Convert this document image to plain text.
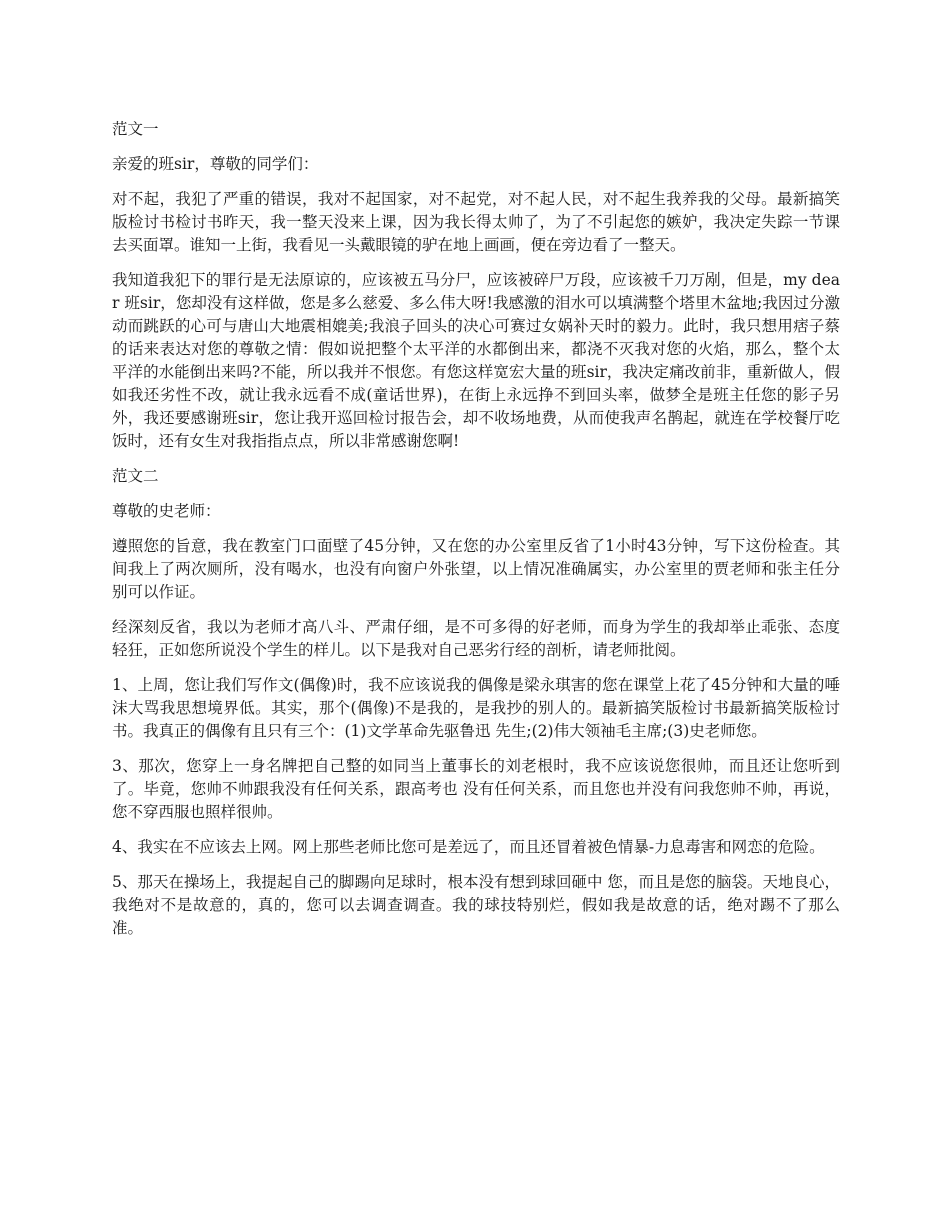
范文一

亲爱的班sir，尊敬的同学们：

对不起，我犯了严重的错误，我对不起国家，对不起党，对不起人民，对不起生我养我的父母。最新搞笑版检讨书检讨书昨天，我一整天没来上课，因为我长得太帅了，为了不引起您的嫉妒，我决定失踪一节课去买面罩。谁知一上街，我看见一头戴眼镜的驴在地上画画，便在旁边看了一整天。

我知道我犯下的罪行是无法原谅的，应该被五马分尸，应该被碎尸万段，应该被千刀万剐，但是，my dear 班sir，您却没有这样做，您是多么慈爱、多么伟大呀!我感激的泪水可以填满整个塔里木盆地;我因过分激动而跳跃的心可与唐山大地震相媲美;我浪子回头的决心可赛过女娲补天时的毅力。此时，我只想用痞子蔡的话来表达对您的尊敬之情：假如说把整个太平洋的水都倒出来，都浇不灭我对您的火焰，那么，整个太平洋的水能倒出来吗?不能，所以我并不恨您。有您这样宽宏大量的班sir，我决定痛改前非，重新做人，假如我还劣性不改，就让我永远看不成(童话世界)，在街上永远挣不到回头率，做梦全是班主任您的影子另外，我还要感谢班sir，您让我开巡回检讨报告会，却不收场地费，从而使我声名鹊起，就连在学校餐厅吃饭时，还有女生对我指指点点，所以非常感谢您啊!

范文二

尊敬的史老师：

遵照您的旨意，我在教室门口面壁了45分钟，又在您的办公室里反省了1小时43分钟，写下这份检查。其间我上了两次厕所，没有喝水，也没有向窗户外张望，以上情况准确属实，办公室里的贾老师和张主任分别可以作证。

经深刻反省，我以为老师才高八斗、严肃仔细，是不可多得的好老师，而身为学生的我却举止乖张、态度轻狂，正如您所说没个学生的样儿。以下是我对自己恶劣行经的剖析，请老师批阅。

1、上周，您让我们写作文(偶像)时，我不应该说我的偶像是梁永琪害的您在课堂上花了45分钟和大量的唾沫大骂我思想境界低。其实，那个(偶像)不是我的，是我抄的别人的。最新搞笑版检讨书最新搞笑版检讨书。我真正的偶像有且只有三个：(1)文学革命先驱鲁迅 先生;(2)伟大领袖毛主席;(3)史老师您。

3、那次，您穿上一身名牌把自己整的如同当上董事长的刘老根时，我不应该说您很帅，而且还让您听到了。毕竟，您帅不帅跟我没有任何关系，跟高考也 没有任何关系，而且您也并没有问我您帅不帅，再说，您不穿西服也照样很帅。

4、我实在不应该去上网。网上那些老师比您可是差远了，而且还冒着被色情暴-力息毒害和网恋的危险。

5、那天在操场上，我提起自己的脚踢向足球时，根本没有想到球回砸中 您，而且是您的脑袋。天地良心，我绝对不是故意的，真的，您可以去调查调查。我的球技特别烂，假如我是故意的话，绝对踢不了那么准。
